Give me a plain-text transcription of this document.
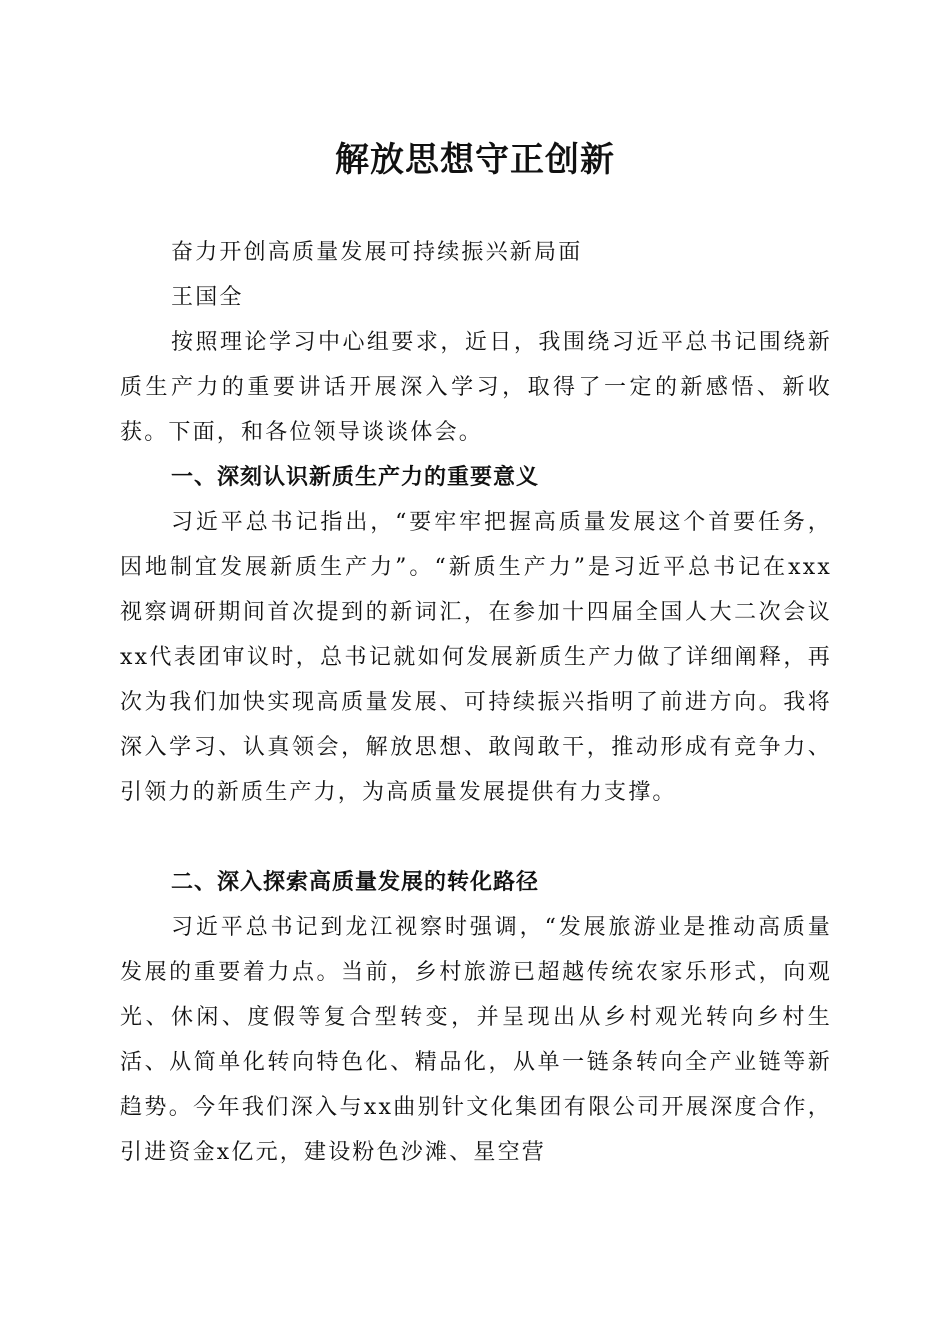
解放思想守正创新

奋力开创高质量发展可持续振兴新局面

王国全

按照理论学习中心组要求，近日，我围绕习近平总书记围绕新质生产力的重要讲话开展深入学习，取得了一定的新感悟、新收获。下面，和各位领导谈谈体会。

一、深刻认识新质生产力的重要意义

习近平总书记指出，“要牢牢把握高质量发展这个首要任务，因地制宜发展新质生产力”。“新质生产力”是习近平总书记在xxx视察调研期间首次提到的新词汇，在参加十四届全国人大二次会议xx代表团审议时，总书记就如何发展新质生产力做了详细阐释，再次为我们加快实现高质量发展、可持续振兴指明了前进方向。我将深入学习、认真领会，解放思想、敢闯敢干，推动形成有竞争力、引领力的新质生产力，为高质量发展提供有力支撑。

二、深入探索高质量发展的转化路径

习近平总书记到龙江视察时强调，“发展旅游业是推动高质量发展的重要着力点。当前，乡村旅游已超越传统农家乐形式，向观光、休闲、度假等复合型转变，并呈现出从乡村观光转向乡村生活、从简单化转向特色化、精品化，从单一链条转向全产业链等新趋势。今年我们深入与xx曲别针文化集团有限公司开展深度合作，引进资金x亿元，建设粉色沙滩、星空营
